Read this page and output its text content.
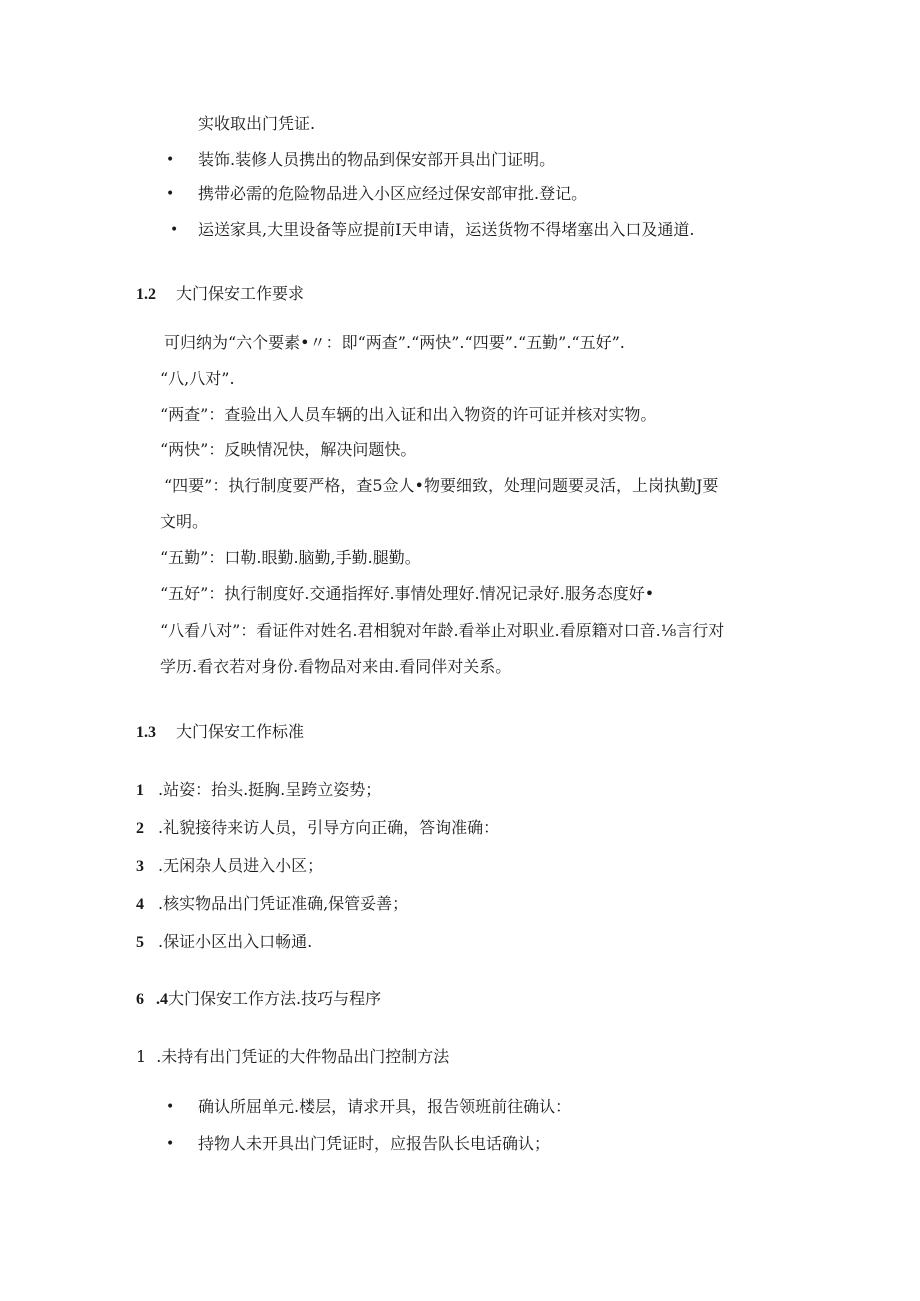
实收取出门凭证.
• 装饰.装修人员携出的物品到保安部开具出门证明。
• 携带必需的危险物品进入小区应经过保安部审批.登记。
• 运送家具,大里设备等应提前I天申请，运送货物不得堵塞出入口及通道.
1.2 大门保安工作要求
可归纳为“六个要素•〃：即“两查”.“两快”.“四要”.“五勤”.“五好”.
“八,八对”.
“两查”：查验出入人员车辆的出入证和出入物资的许可证并核对实物。
“两快”：反映情况快，解决问题快。
“四要”：执行制度要严格，查5佥人•物要细致，处理问题要灵活，上岗执勤J要
文明。
“五勤”：口勒.眼勤.脑勤,手勤.腿勤。
“五好”：执行制度好.交通指挥好.事情处理好.情况记录好.服务态度好•
“八看八对”：看证件对姓名.君相貌对年龄.看举止对职业.看原籍对口音.⅛言行对
学历.看衣若对身份.看物品对来由.看同伴对关系。
1.3 大门保安工作标准
1 .站姿：抬头.挺胸.呈跨立姿势；
2 .礼貌接待来访人员，引导方向正确，答询准确：
3 .无闲杂人员进入小区；
4 .核实物品出门凭证准确,保管妥善；
5 .保证小区出入口畅通.
6 .4大门保安工作方法.技巧与程序
1 .未持有出门凭证的大件物品出门控制方法
• 确认所屈单元.楼层，请求开具，报告领班前往确认：
• 持物人未开具出门凭证时，应报告队长电话确认；
